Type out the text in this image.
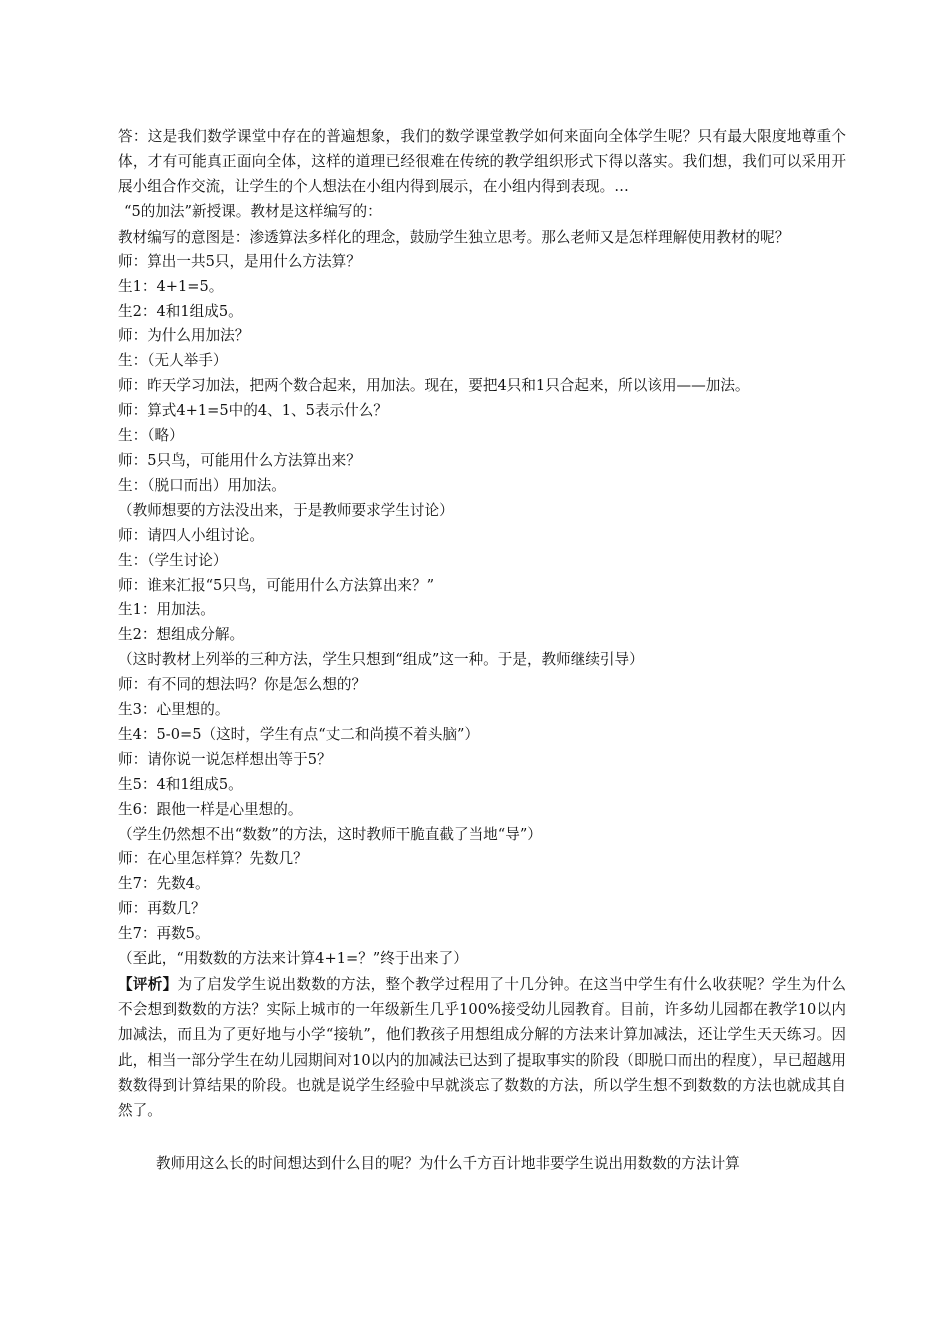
答：这是我们数学课堂中存在的普遍想象，我们的数学课堂教学如何来面向全体学生呢？只有最大限度地尊重个体，才有可能真正面向全体，这样的道理已经很难在传统的教学组织形式下得以落实。我们想，我们可以采用开展小组合作交流，让学生的个人想法在小组内得到展示，在小组内得到表现。…

“5的加法”新授课。教材是这样编写的：

教材编写的意图是：渗透算法多样化的理念，鼓励学生独立思考。那么老师又是怎样理解使用教材的呢？

师：算出一共5只，是用什么方法算？

生1：4+1=5。

生2：4和1组成5。

师：为什么用加法？

生：（无人举手）

师：昨天学习加法，把两个数合起来，用加法。现在，要把4只和1只合起来，所以该用——加法。

师：算式4+1=5中的4、1、5表示什么？

生：（略）

师：5只鸟，可能用什么方法算出来？

生：（脱口而出）用加法。

（教师想要的方法没出来，于是教师要求学生讨论）

师：请四人小组讨论。

生：（学生讨论）

师：谁来汇报“5只鸟，可能用什么方法算出来？”

生1：用加法。

生2：想组成分解。

（这时教材上列举的三种方法，学生只想到“组成”这一种。于是，教师继续引导）

师：有不同的想法吗？你是怎么想的？

生3：心里想的。

生4：5-0=5（这时，学生有点“丈二和尚摸不着头脑”）

师：请你说一说怎样想出等于5？

生5：4和1组成5。

生6：跟他一样是心里想的。

（学生仍然想不出“数数”的方法，这时教师干脆直截了当地“导”）

师：在心里怎样算？先数几？

生7：先数4。

师：再数几？

生7：再数5。

（至此，“用数数的方法来计算4+1=？”终于出来了）

【评析】为了启发学生说出数数的方法，整个教学过程用了十几分钟。在这当中学生有什么收获呢？学生为什么不会想到数数的方法？实际上城市的一年级新生几乎100%接受幼儿园教育。目前，许多幼儿园都在教学10以内加减法，而且为了更好地与小学“接轨”，他们教孩子用想组成分解的方法来计算加减法，还让学生天天练习。因此，相当一部分学生在幼儿园期间对10以内的加减法已达到了提取事实的阶段（即脱口而出的程度），早已超越用数数得到计算结果的阶段。也就是说学生经验中早就淡忘了数数的方法，所以学生想不到数数的方法也就成其自然了。

教师用这么长的时间想达到什么目的呢？为什么千方百计地非要学生说出用数数的方法计算
